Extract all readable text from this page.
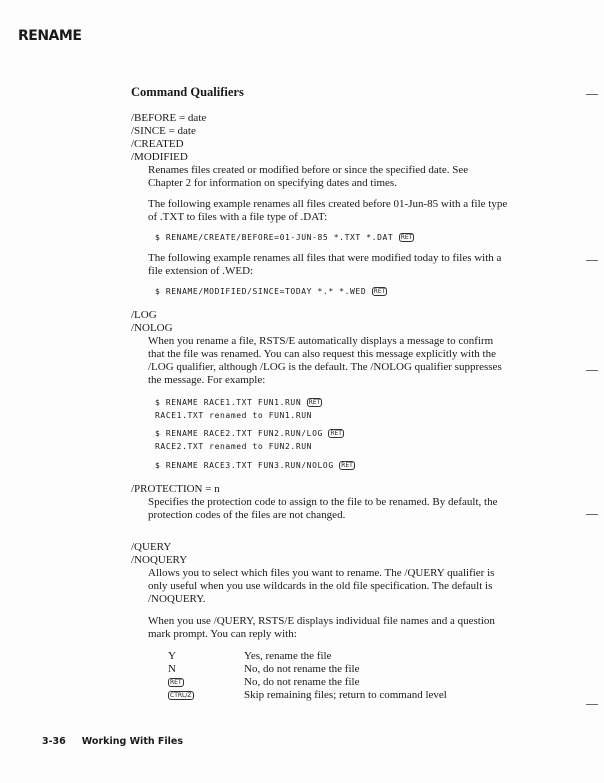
RENAME
Command Qualifiers
/BEFORE = date
/SINCE = date
/CREATED
/MODIFIED
Renames files created or modified before or since the specified date. See
Chapter 2 for information on specifying dates and times.
The following example renames all files created before 01-Jun-85 with a file type
of .TXT to files with a file type of .DAT:
$ RENAME/CREATE/BEFORE=01-JUN-85 *.TXT *.DAT RET
The following example renames all files that were modified today to files with a
file extension of .WED:
$ RENAME/MODIFIED/SINCE=TODAY *.* *.WED RET
/LOG
/NOLOG
When you rename a file, RSTS/E automatically displays a message to confirm
that the file was renamed. You can also request this message explicitly with the
/LOG qualifier, although /LOG is the default. The /NOLOG qualifier suppresses
the message. For example:
$ RENAME RACE1.TXT FUN1.RUN RET
RACE1.TXT renamed to FUN1.RUN
$ RENAME RACE2.TXT FUN2.RUN/LOG RET
RACE2.TXT renamed to FUN2.RUN
$ RENAME RACE3.TXT FUN3.RUN/NOLOG RET
/PROTECTION = n
Specifies the protection code to assign to the file to be renamed. By default, the
protection codes of the files are not changed.
/QUERY
/NOQUERY
Allows you to select which files you want to rename. The /QUERY qualifier is
only useful when you use wildcards in the old file specification. The default is
/NOQUERY.
When you use /QUERY, RSTS/E displays individual file names and a question
mark prompt. You can reply with:
Y	Yes, rename the file
N	No, do not rename the file
RET	No, do not rename the file
CTRL/Z	Skip remaining files; return to command level
3-36 Working With Files
